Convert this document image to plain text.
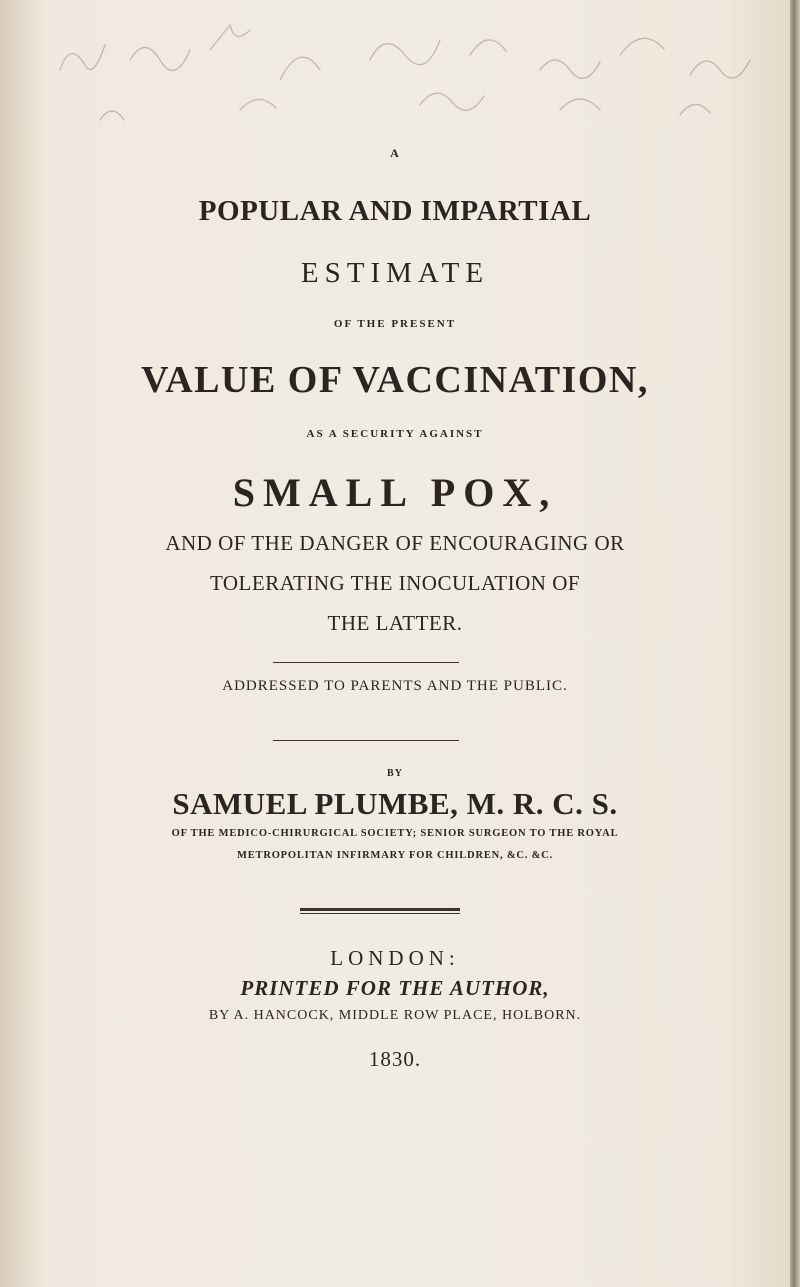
A

POPULAR AND IMPARTIAL

ESTIMATE

OF THE PRESENT

VALUE OF VACCINATION,

AS A SECURITY AGAINST

SMALL POX,

AND OF THE DANGER OF ENCOURAGING OR

TOLERATING THE INOCULATION OF

THE LATTER.

ADDRESSED TO PARENTS AND THE PUBLIC.

BY

SAMUEL PLUMBE, M. R. C. S.

OF THE MEDICO-CHIRURGICAL SOCIETY; SENIOR SURGEON TO THE ROYAL

METROPOLITAN INFIRMARY FOR CHILDREN, &C. &C.

LONDON:

PRINTED FOR THE AUTHOR,

BY A. HANCOCK, MIDDLE ROW PLACE, HOLBORN.

1830.
